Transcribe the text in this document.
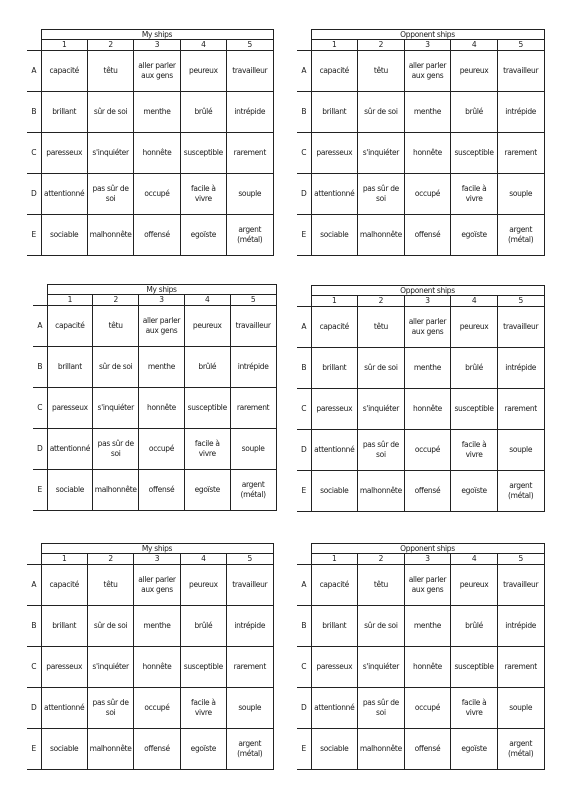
	My ships				
	1	2	3	4	5
A	capacité	têtu	aller parler aux gens	peureux	travailleur
B	brillant	sûr de soi	menthe	brûlé	intrépide
C	paresseux	s'inquiéter	honnête	susceptible	rarement
D	attentionné	pas sûr de soi	occupé	facile à vivre	souple
E	sociable	malhonnête	offensé	egoïste	argent (métal)
	Opponent ships				
	1	2	3	4	5
A	capacité	têtu	aller parler aux gens	peureux	travailleur
B	brillant	sûr de soi	menthe	brûlé	intrépide
C	paresseux	s'inquiéter	honnête	susceptible	rarement
D	attentionné	pas sûr de soi	occupé	facile à vivre	souple
E	sociable	malhonnête	offensé	egoïste	argent (métal)
	My ships				
	1	2	3	4	5
A	capacité	têtu	aller parler aux gens	peureux	travailleur
B	brillant	sûr de soi	menthe	brûlé	intrépide
C	paresseux	s'inquiéter	honnête	susceptible	rarement
D	attentionné	pas sûr de soi	occupé	facile à vivre	souple
E	sociable	malhonnête	offensé	egoïste	argent (métal)
	Opponent ships				
	1	2	3	4	5
A	capacité	têtu	aller parler aux gens	peureux	travailleur
B	brillant	sûr de soi	menthe	brûlé	intrépide
C	paresseux	s'inquiéter	honnête	susceptible	rarement
D	attentionné	pas sûr de soi	occupé	facile à vivre	souple
E	sociable	malhonnête	offensé	egoïste	argent (métal)
	My ships				
	1	2	3	4	5
A	capacité	têtu	aller parler aux gens	peureux	travailleur
B	brillant	sûr de soi	menthe	brûlé	intrépide
C	paresseux	s'inquiéter	honnête	susceptible	rarement
D	attentionné	pas sûr de soi	occupé	facile à vivre	souple
E	sociable	malhonnête	offensé	egoïste	argent (métal)
	Opponent ships				
	1	2	3	4	5
A	capacité	têtu	aller parler aux gens	peureux	travailleur
B	brillant	sûr de soi	menthe	brûlé	intrépide
C	paresseux	s'inquiéter	honnête	susceptible	rarement
D	attentionné	pas sûr de soi	occupé	facile à vivre	souple
E	sociable	malhonnête	offensé	egoïste	argent (métal)
